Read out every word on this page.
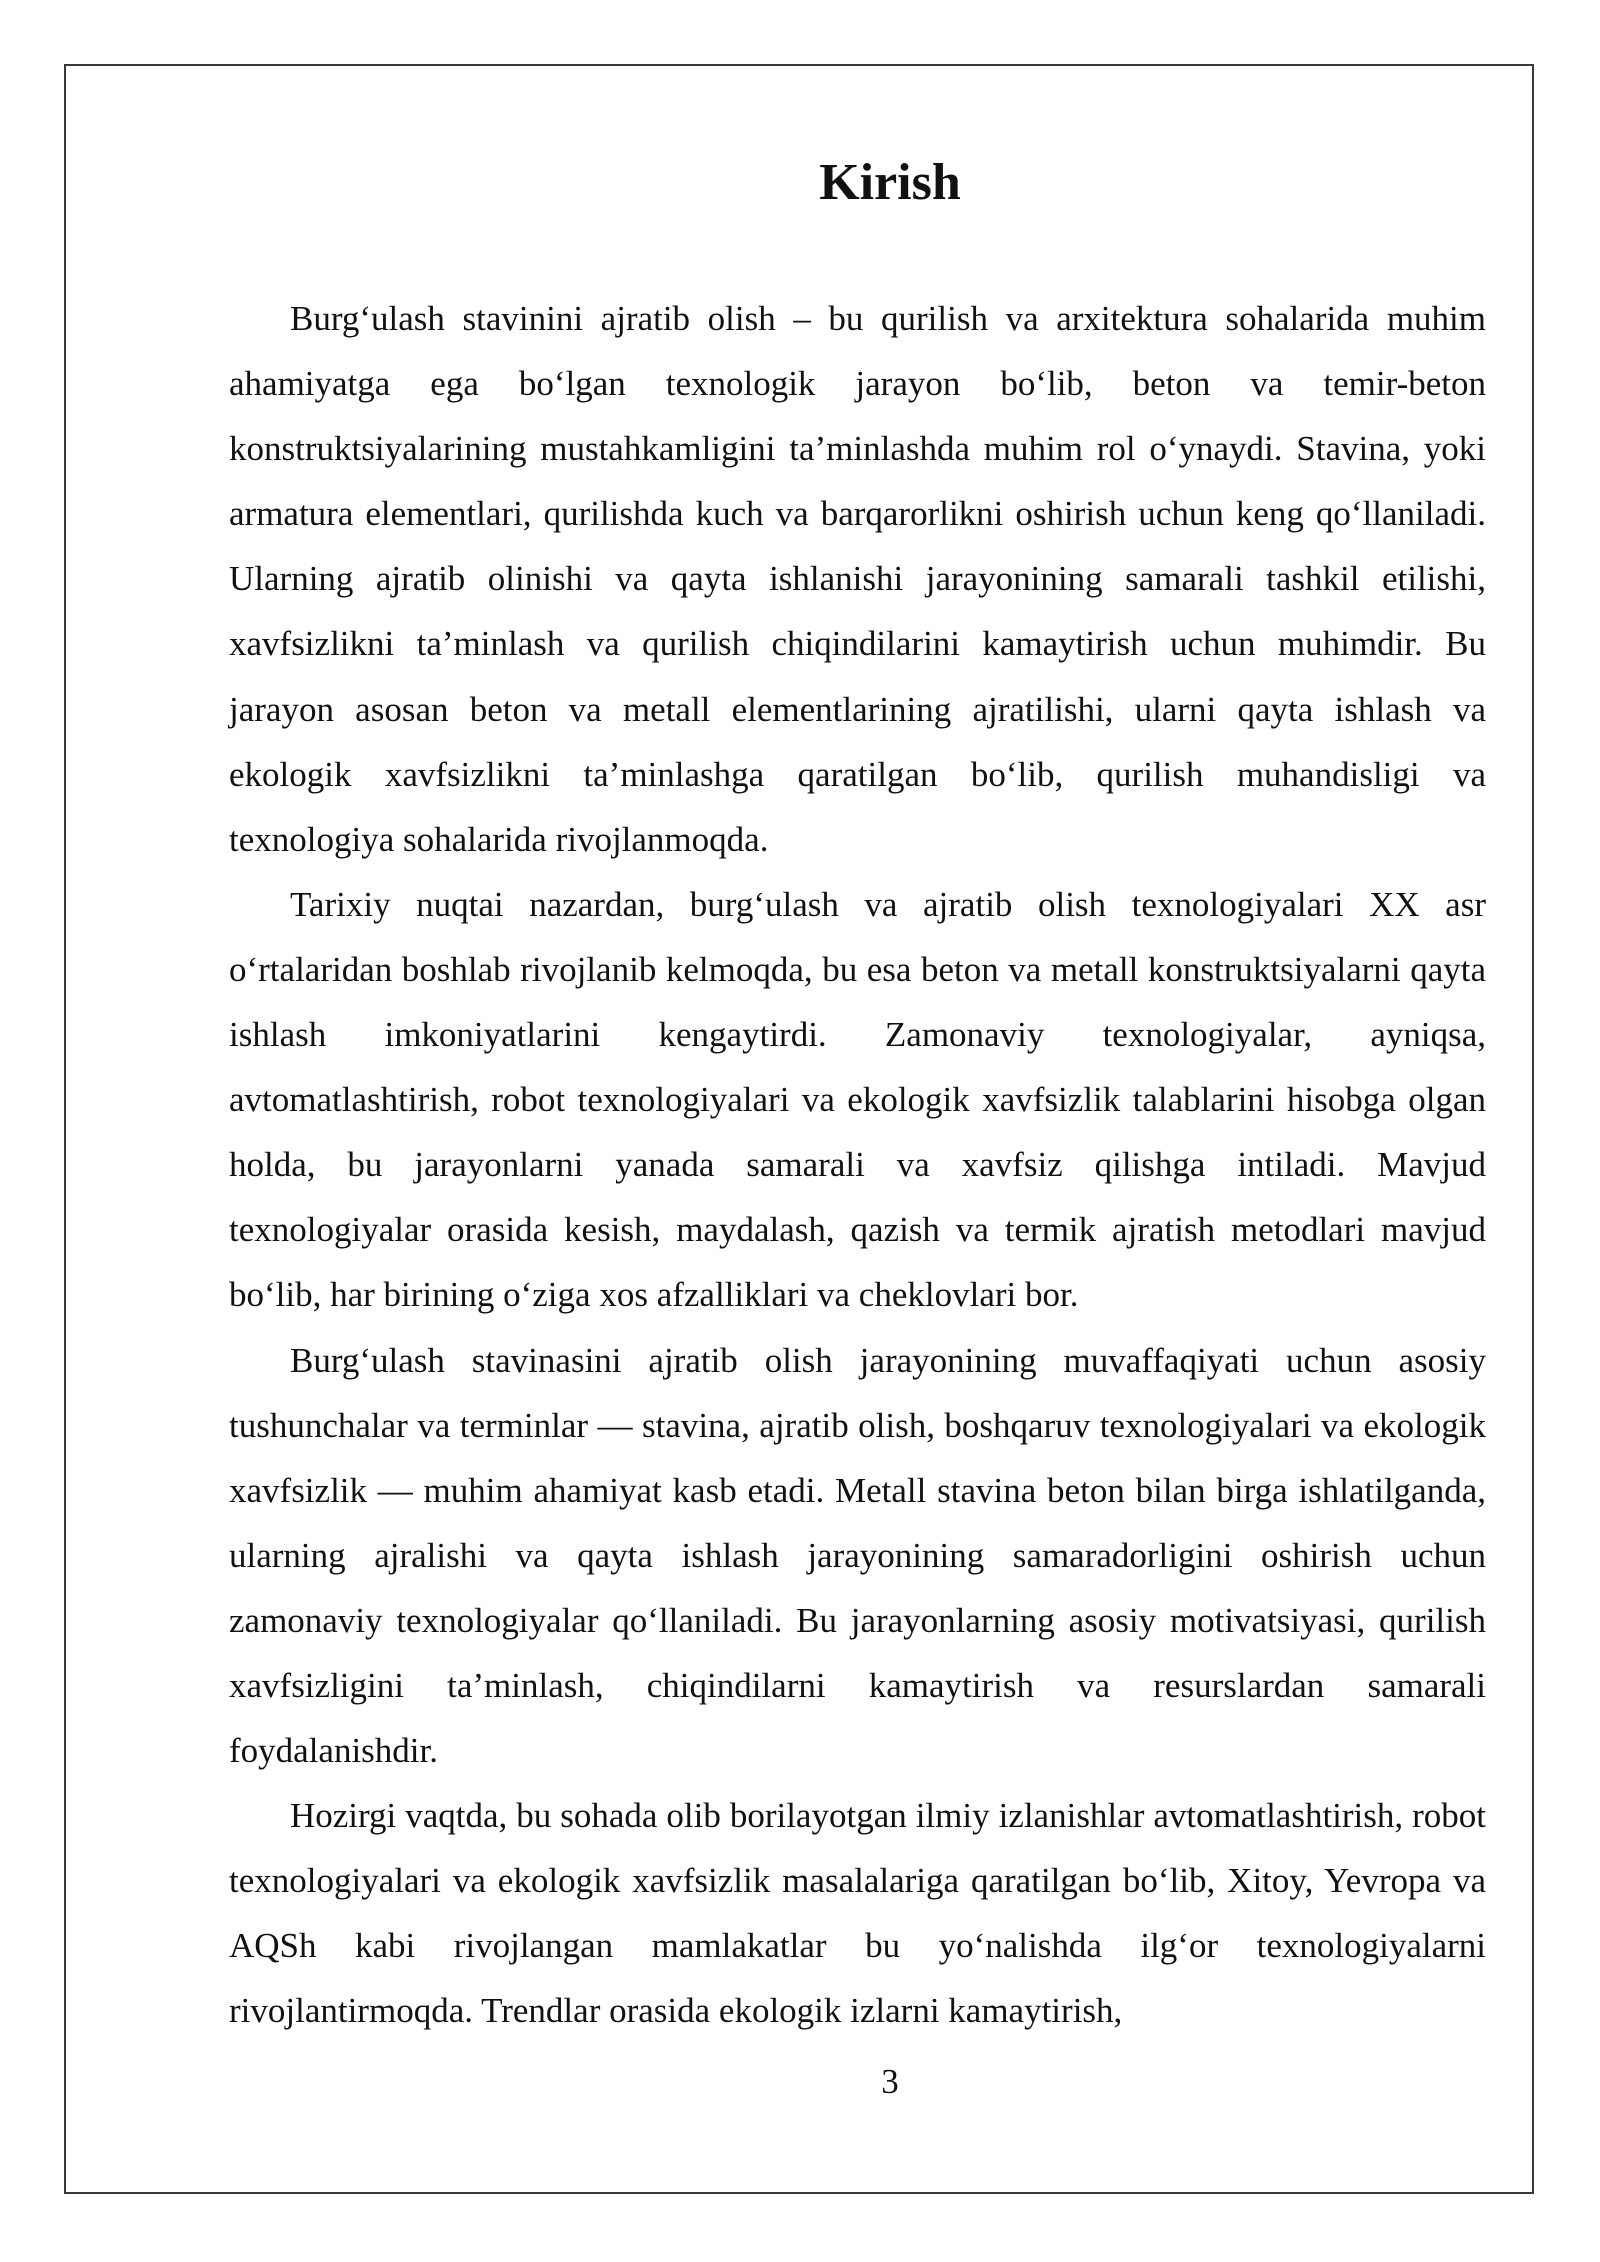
Kirish

Burg‘ulash stavinini ajratib olish – bu qurilish va arxitektura sohalarida muhim ahamiyatga ega bo‘lgan texnologik jarayon bo‘lib, beton va temir-beton konstruktsiyalarining mustahkamligini ta’minlashda muhim rol o‘ynaydi. Stavina, yoki armatura elementlari, qurilishda kuch va barqarorlikni oshirish uchun keng qo‘llaniladi. Ularning ajratib olinishi va qayta ishlanishi jarayonining samarali tashkil etilishi, xavfsizlikni ta’minlash va qurilish chiqindilarini kamaytirish uchun muhimdir. Bu jarayon asosan beton va metall elementlarining ajratilishi, ularni qayta ishlash va ekologik xavfsizlikni ta’minlashga qaratilgan bo‘lib, qurilish muhandisligi va texnologiya sohalarida rivojlanmoqda.

Tarixiy nuqtai nazardan, burg‘ulash va ajratib olish texnologiyalari XX asr o‘rtalaridan boshlab rivojlanib kelmoqda, bu esa beton va metall konstruktsiyalarni qayta ishlash imkoniyatlarini kengaytirdi. Zamonaviy texnologiyalar, ayniqsa, avtomatlashtirish, robot texnologiyalari va ekologik xavfsizlik talablarini hisobga olgan holda, bu jarayonlarni yanada samarali va xavfsiz qilishga intiladi. Mavjud texnologiyalar orasida kesish, maydalash, qazish va termik ajratish metodlari mavjud bo‘lib, har birining o‘ziga xos afzalliklari va cheklovlari bor.

Burg‘ulash stavinasini ajratib olish jarayonining muvaffaqiyati uchun asosiy tushunchalar va terminlar — stavina, ajratib olish, boshqaruv texnologiyalari va ekologik xavfsizlik — muhim ahamiyat kasb etadi. Metall stavina beton bilan birga ishlatilganda, ularning ajralishi va qayta ishlash jarayonining samaradorligini oshirish uchun zamonaviy texnologiyalar qo‘llaniladi. Bu jarayonlarning asosiy motivatsiyasi, qurilish xavfsizligini ta’minlash, chiqindilarni kamaytirish va resurslardan samarali foydalanishdir.

Hozirgi vaqtda, bu sohada olib borilayotgan ilmiy izlanishlar avtomatlashtirish, robot texnologiyalari va ekologik xavfsizlik masalalariga qaratilgan bo‘lib, Xitoy, Yevropa va AQSh kabi rivojlangan mamlakatlar bu yo‘nalishda ilg‘or texnologiyalarni rivojlantirmoqda. Trendlar orasida ekologik izlarni kamaytirish,

3
